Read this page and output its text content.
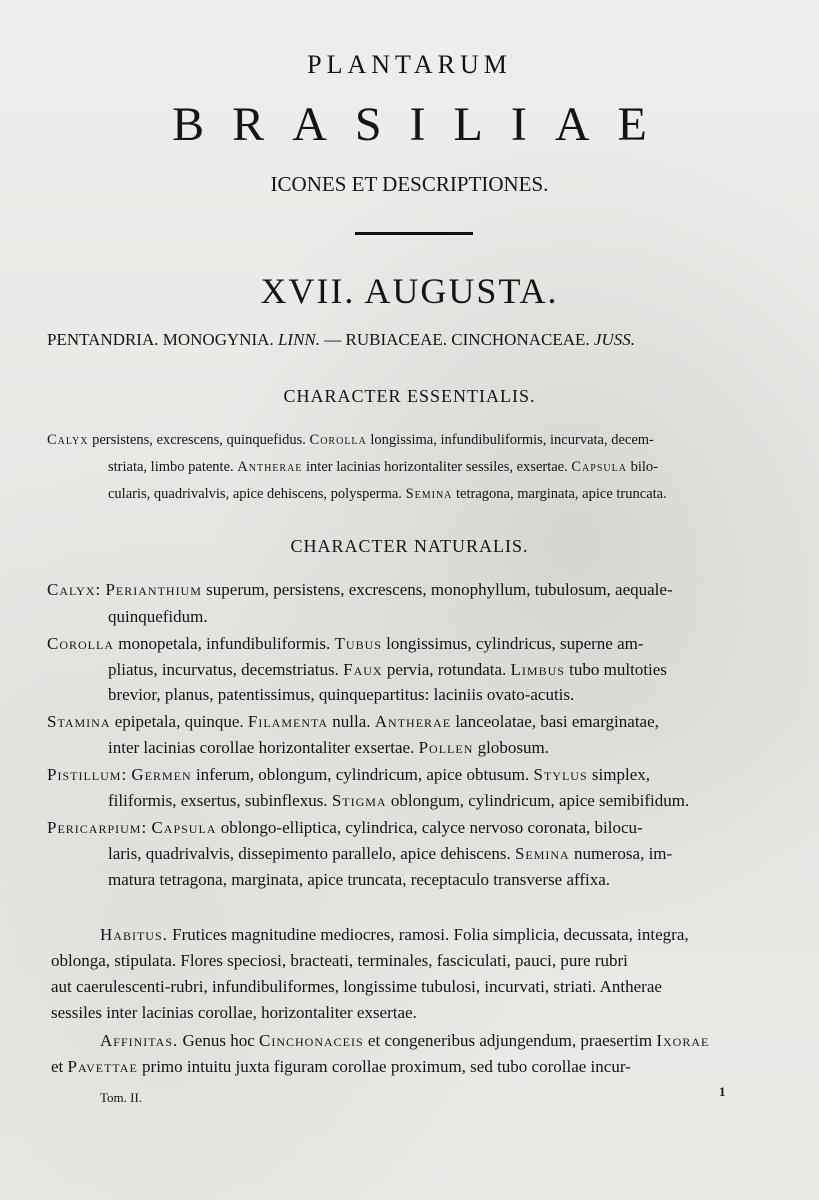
PLANTARUM
BRASILIAE
ICONES ET DESCRIPTIONES.
XVII. AUGUSTA.
PENTANDRIA. MONOGYNIA. LINN. — RUBIACEAE. CINCHONACEAE. JUSS.
CHARACTER ESSENTIALIS.
Calyx persistens, excrescens, quinquefidus. Corolla longissima, infundibuliformis, incurvata, decem-
striata, limbo patente. Antherae inter lacinias horizontaliter sessiles, exsertae. Capsula bilo-
cularis, quadrivalvis, apice dehiscens, polysperma. Semina tetragona, marginata, apice truncata.
CHARACTER NATURALIS.
Calyx: Perianthium superum, persistens, excrescens, monophyllum, tubulosum, aequale-
quinquefidum.
Corolla monopetala, infundibuliformis. Tubus longissimus, cylindricus, superne am-
pliatus, incurvatus, decemstriatus. Faux pervia, rotundata. Limbus tubo multoties
brevior, planus, patentissimus, quinquepartitus: laciniis ovato-acutis.
Stamina epipetala, quinque. Filamenta nulla. Antherae lanceolatae, basi emarginatae,
inter lacinias corollae horizontaliter exsertae. Pollen globosum.
Pistillum: Germen inferum, oblongum, cylindricum, apice obtusum. Stylus simplex,
filiformis, exsertus, subinflexus. Stigma oblongum, cylindricum, apice semibifidum.
Pericarpium: Capsula oblongo-elliptica, cylindrica, calyce nervoso coronata, bilocu-
laris, quadrivalvis, dissepimento parallelo, apice dehiscens. Semina numerosa, im-
matura tetragona, marginata, apice truncata, receptaculo transverse affixa.
Habitus. Frutices magnitudine mediocres, ramosi. Folia simplicia, decussata, integra,
oblonga, stipulata. Flores speciosi, bracteati, terminales, fasciculati, pauci, pure rubri
aut caerulescenti-rubri, infundibuliformes, longissime tubulosi, incurvati, striati. Antherae
sessiles inter lacinias corollae, horizontaliter exsertae.
Affinitas. Genus hoc Cinchonaceis et congeneribus adjungendum, praesertim Ixorae
et Pavettae primo intuitu juxta figuram corollae proximum, sed tubo corollae incur-
Tom. II.	1
